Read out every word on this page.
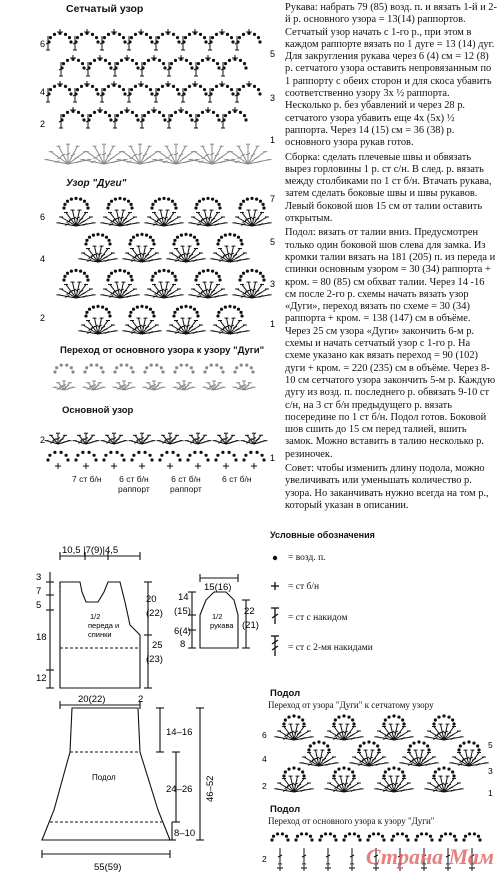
Сетчатый узор
6
4
2
5
3
1
Узор "Дуги"
6
4
2
7
5
3
1
Переход от основного узора к узору "Дуги"
Основной узор
2
1
7 ст б/н 6 ст б/н
раппорт
6 ст б/н
раппорт
6 ст б/н

Рукава: набрать 79 (85) возд. п. и вязать 1-й и 2-й р. основного узора = 13(14) раппортов. Сетчатый узор начать с 1-го р., при этом в каждом раппорте вязать по 1 дуге = 13 (14) дуг. Для закругления рукава через 6 (4) см = 12 (8) р. сетчатого узора оставить непровязанным по 1 раппорту с обеих сторон и для скоса убавить соответственно узору 3х ½ раппорта. Несколько р. без убавлений и через 28 р. сетчатого узора убавить еще 4х (5х) ½ раппорта. Через 14 (15) см = 36 (38) р. основного узора рукав готов.

Сборка: сделать плечевые швы и обвязать вырез горловины 1 р. ст с/н. В след. р. вязать между столбиками по 1 ст б/н. Втачать рукава, затем сделать боковые швы и швы рукавов. Левый боковой шов 15 см от талии оставить открытым.

Подол: вязать от талии вниз. Предусмотрен только один боковой шов слева для замка. Из кромки талии вязать на 181 (205) п. из переда и спинки основным узором = 30 (34) раппорта + кром. = 80 (85) см обхват талии. Через 14 -16 см после 2-го р. схемы начать вязать узор «Дуги», переход вязать по схеме = 30 (34) раппорта + кром. = 138 (147) см в объёме. Через 25 см узора «Дуги» закончить 6-м р. схемы и начать сетчатый узор с 1-го р. На схеме указано как вязать переход = 90 (102) дуги + кром. = 220 (235) см в объёме. Через 8-10 см сетчатого узора закончить 5-м р. Каждую дугу из возд. п. последнего р. обвязать 9-10 ст с/н, на 3 ст б/н предыдущего р. вязать посередине по 1 ст б/н. Подол готов. Боковой шов сшить до 15 см перед талией, вшить замок. Можно вставить в талию несколько р. резиночек.

Совет: чтобы изменить длину подола, можно увеличивать или уменьшать количество р. узора. Но заканчивать нужно всегда на том р., который указан в описании.

Условные обозначения
= возд. п.
= ст б/н
= ст с накидом
= ст с 2-мя накидами
10,5 |7(9)|4,5
3
7
5
18
12
20
(22)
25
(23)
1/2
переда и
спинки
20(22)	2
15(16)
14
(15)
6(4)
8
22
(21)
1/2
рукава
Подол
14–16
24–26
8–10
46–52
55(59)
Подол
Переход от узора "Дуги" к сетчатому узору
6
4
2
5
3
1
Подол
Переход от основного узора к узору "Дуги"
2	Страна Мам
